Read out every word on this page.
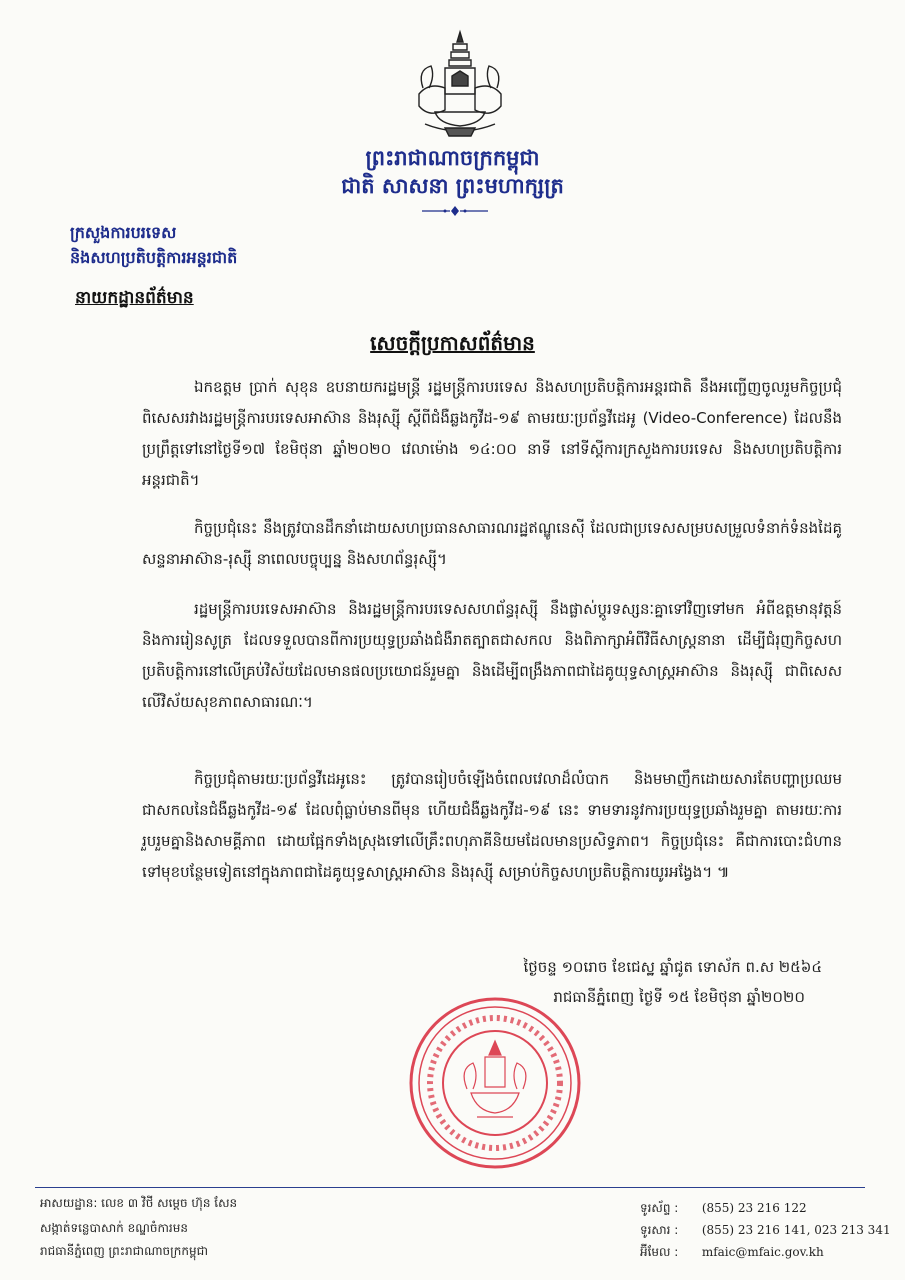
ព្រះរាជាណាចក្រកម្ពុជា
ជាតិ សាសនា ព្រះមហាក្សត្រ
ក្រសួងការបរទេស
និងសហប្រតិបត្តិការអន្តរជាតិ
នាយកដ្ឋានព័ត៌មាន
សេចក្តីប្រកាសព័ត៌មាន

ឯកឧត្តម ប្រាក់ សុខុន ឧបនាយករដ្ឋមន្ត្រី រដ្ឋមន្ត្រីការបរទេស និងសហប្រតិបត្តិការអន្តរជាតិ នឹងអញ្ជើញចូលរួមកិច្ចប្រជុំពិសេសរវាងរដ្ឋមន្ត្រីការបរទេសអាស៊ាន និងរុស្ស៊ី ស្តីពីជំងឺឆ្លងកូវីដ-១៩ តាមរយៈប្រព័ន្ធវីដេអូ (Video-Conference) ដែលនឹងប្រព្រឹត្តទៅនៅថ្ងៃទី១៧ ខែមិថុនា ឆ្នាំ២០២០ វេលាម៉ោង ១៤:០០ នាទី នៅទីស្តីការក្រសួងការបរទេស និងសហប្រតិបត្តិការអន្តរជាតិ។

កិច្ចប្រជុំនេះ នឹងត្រូវបានដឹកនាំដោយសហប្រធានសាធារណរដ្ឋឥណ្ឌូនេស៊ី ដែលជាប្រទេសសម្របសម្រួលទំនាក់ទំនងដៃគូសន្ទនាអាស៊ាន-រុស្ស៊ី នាពេលបច្ចុប្បន្ន និងសហព័ន្ធរុស្ស៊ី។

រដ្ឋមន្ត្រីការបរទេសអាស៊ាន និងរដ្ឋមន្ត្រីការបរទេសសហព័ន្ធរុស្ស៊ី នឹងផ្លាស់ប្តូរទស្សនៈគ្នាទៅវិញទៅមក អំពីឧត្តមានុវត្តន៍ និងការរៀនសូត្រ ដែលទទួលបានពីការប្រយុទ្ធប្រឆាំងជំងឺរាតត្បាតជាសកល និងពិភាក្សាអំពីវិធីសាស្ត្រនានា ដើម្បីជំរុញកិច្ចសហប្រតិបត្តិការនៅលើគ្រប់វិស័យដែលមានផលប្រយោជន៍រួមគ្នា និងដើម្បីពង្រឹងភាពជាដៃគូយុទ្ធសាស្ត្រអាស៊ាន និងរុស្ស៊ី ជាពិសេស លើវិស័យសុខភាពសាធារណៈ។

កិច្ចប្រជុំតាមរយៈប្រព័ន្ធវីដេអូនេះ ត្រូវបានរៀបចំឡើងចំពេលវេលាដ៏លំបាក និងមមាញឹកដោយសារតែបញ្ហាប្រឈមជាសកលនៃជំងឺឆ្លងកូវីដ-១៩ ដែលពុំធ្លាប់មានពីមុន ហើយជំងឺឆ្លងកូវីដ-១៩ នេះ ទាមទារនូវការប្រយុទ្ធប្រឆាំងរួមគ្នា តាមរយៈការរួបរួមគ្នានិងសាមគ្គីភាព ដោយផ្អែកទាំងស្រុងទៅលើគ្រឹះពហុភាគីនិយមដែលមានប្រសិទ្ធភាព។ កិច្ចប្រជុំនេះ គឺជាការបោះជំហានទៅមុខបន្ថែមទៀតនៅក្នុងភាពជាដៃគូយុទ្ធសាស្ត្រអាស៊ាន និងរុស្ស៊ី សម្រាប់កិច្ចសហប្រតិបត្តិការយូរអង្វែង។ ៕

ថ្ងៃចន្ទ ១០រោច ខែជេស្ឋ ឆ្នាំជូត ទោស័ក ព.ស ២៥៦៤
រាជធានីភ្នំពេញ ថ្ងៃទី ១៥ ខែមិថុនា ឆ្នាំ២០២០
អាសយដ្ឋាន: លេខ ៣ វិថី សម្តេច ហ៊ុន សែន
សង្កាត់ទន្លេបាសាក់ ខណ្ឌចំការមន
រាជធានីភ្នំពេញ ព្រះរាជាណាចក្រកម្ពុជា
ទូរស័ព្ទ : (855) 23 216 122
ទូរសារ : (855) 23 216 141, 023 213 341
អ៊ីមែល : mfaic@mfaic.gov.kh
